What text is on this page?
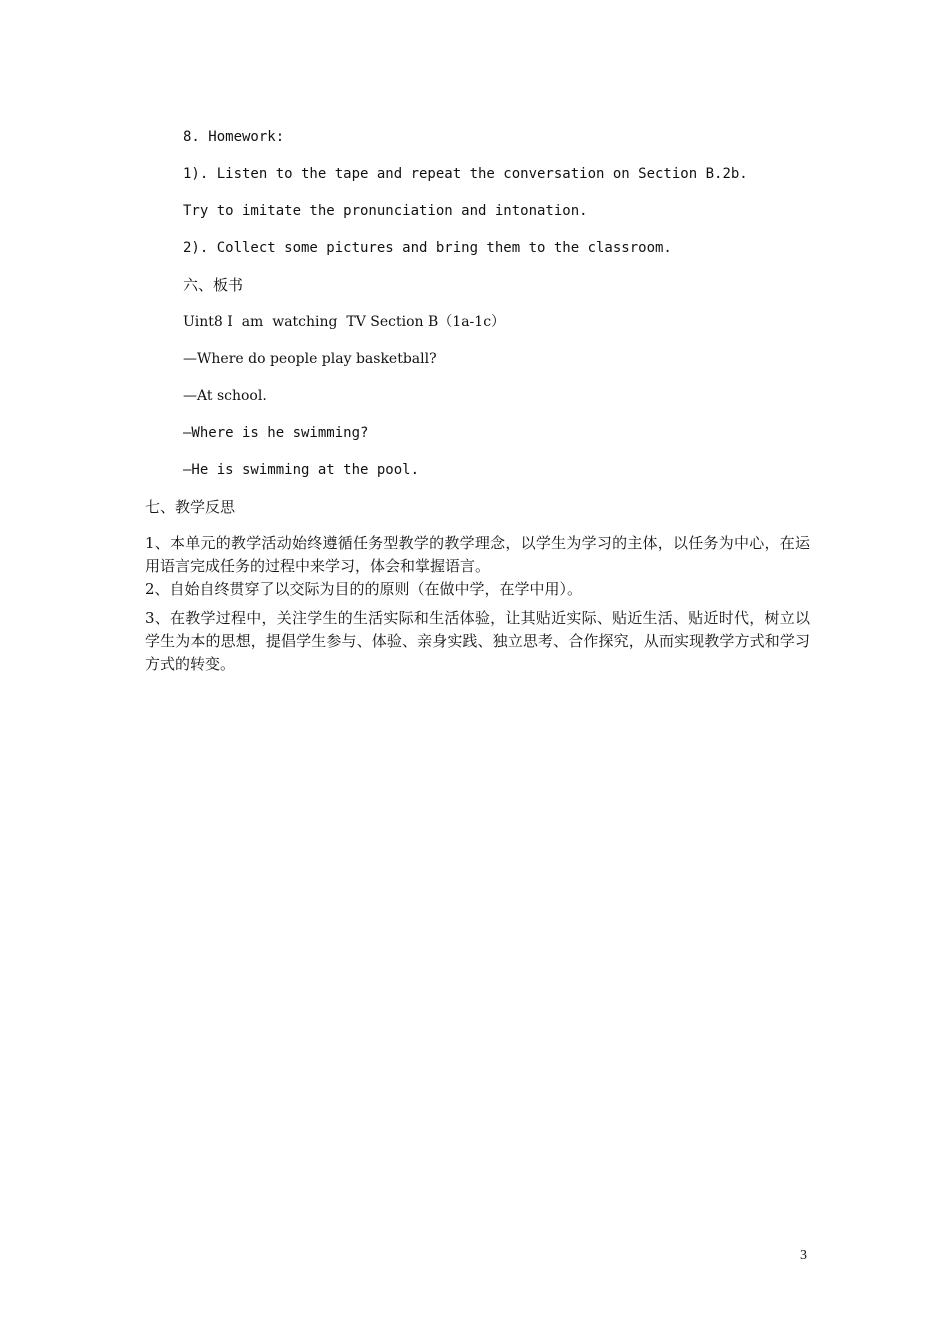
8. Homework:
1). Listen to the tape and repeat the conversation on Section B.2b.
Try to imitate the pronunciation and intonation.
2). Collect some pictures and bring them to the classroom.
六、板书
Uint8 I  am  watching  TV Section B（1a-1c）
—Where do people play basketball?
—At school.
—Where is he swimming?
—He is swimming at the pool.
七、教学反思
1、本单元的教学活动始终遵循任务型教学的教学理念，以学生为学习的主体，以任务为中心，在运用语言完成任务的过程中来学习，体会和掌握语言。
2、自始自终贯穿了以交际为目的的原则（在做中学，在学中用）。
3、在教学过程中，关注学生的生活实际和生活体验，让其贴近实际、贴近生活、贴近时代，树立以学生为本的思想，提倡学生参与、体验、亲身实践、独立思考、合作探究，从而实现教学方式和学习方式的转变。
3
